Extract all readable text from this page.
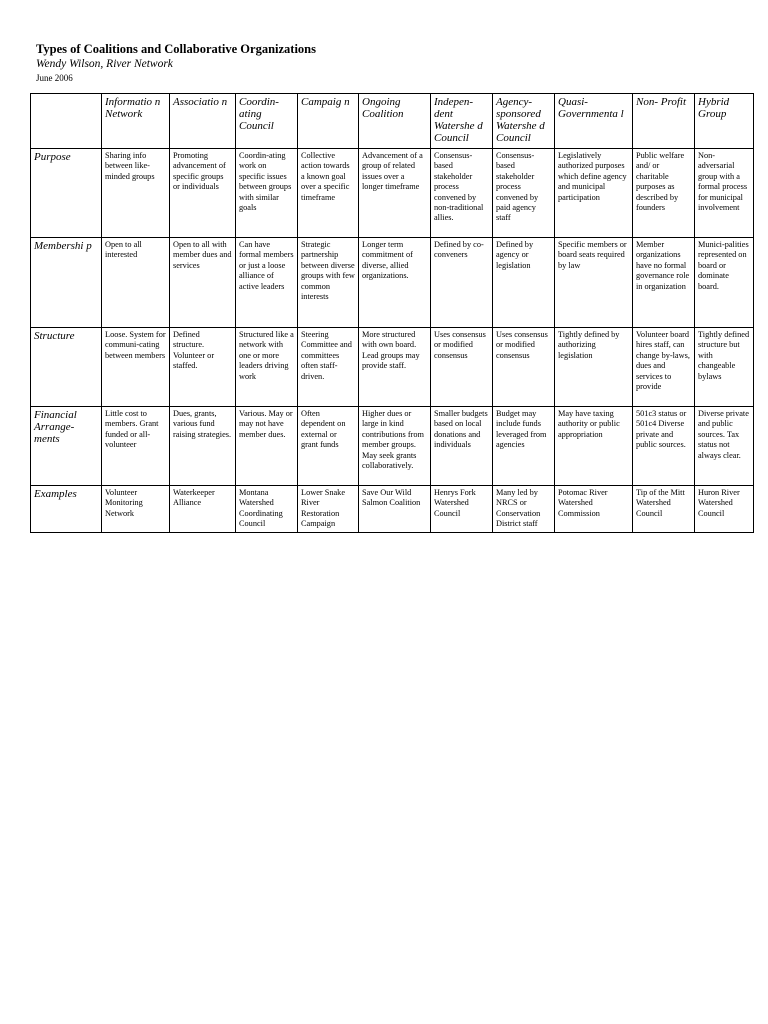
Types of Coalitions and Collaborative Organizations
Wendy Wilson, River Network
June 2006
	Informatio n Network	Associatio n	Coordin- ating Council	Campaig n	Ongoing Coalition	Indepen- dent Watershe d Council	Agency- sponsored Watershe d Council	Quasi- Governmenta l	Non- Profit	Hybrid Group
Purpose	Sharing info between like-minded groups	Promoting advancement of specific groups or individuals	Coordin-ating work on specific issues between groups with similar goals	Collective action towards a known goal over a specific timeframe	Advancement of a group of related issues over a longer timeframe	Consensus-based stakeholder process convened by non-traditional allies.	Consensus-based stakeholder process convened by paid agency staff	Legislatively authorized purposes which define agency and municipal participation	Public welfare and/ or charitable purposes as described by founders	Non-adversarial group with a formal process for municipal involvement
Membershi p	Open to all interested	Open to all with member dues and services	Can have formal members or just a loose alliance of active leaders	Strategic partnership between diverse groups with few common interests	Longer term commitment of diverse, allied organizations.	Defined by co-conveners	Defined by agency or legislation	Specific members or board seats required by law	Member organizations have no formal governance role in organization	Munici-palities represented on board or dominate board.
Structure	Loose. System for communi-cating between members	Defined structure. Volunteer or staffed.	Structured like a network with one or more leaders driving work	Steering Committee and committees often staff-driven.	More structured with own board. Lead groups may provide staff.	Uses consensus or modified consensus	Uses consensus or modified consensus	Tightly defined by authorizing legislation	Volunteer board hires staff, can change by-laws, dues and services to provide	Tightly defined structure but with changeable bylaws
Financial Arrange-ments	Little cost to members. Grant funded or all-volunteer	Dues, grants, various fund raising strategies.	Various. May or may not have member dues.	Often dependent on external or grant funds	Higher dues or large in kind contributions from member groups. May seek grants collaboratively.	Smaller budgets based on local donations and individuals	Budget may include funds leveraged from agencies	May have taxing authority or public appropriation	501c3 status or 501c4 Diverse private and public sources.	Diverse private and public sources. Tax status not always clear.
Examples	Volunteer Monitoring Network	Waterkeeper Alliance	Montana Watershed Coordinating Council	Lower Snake River Restoration Campaign	Save Our Wild Salmon Coalition	Henrys Fork Watershed Council	Many led by NRCS or Conservation District staff	Potomac River Watershed Commission	Tip of the Mitt Watershed Council	Huron River Watershed Council
